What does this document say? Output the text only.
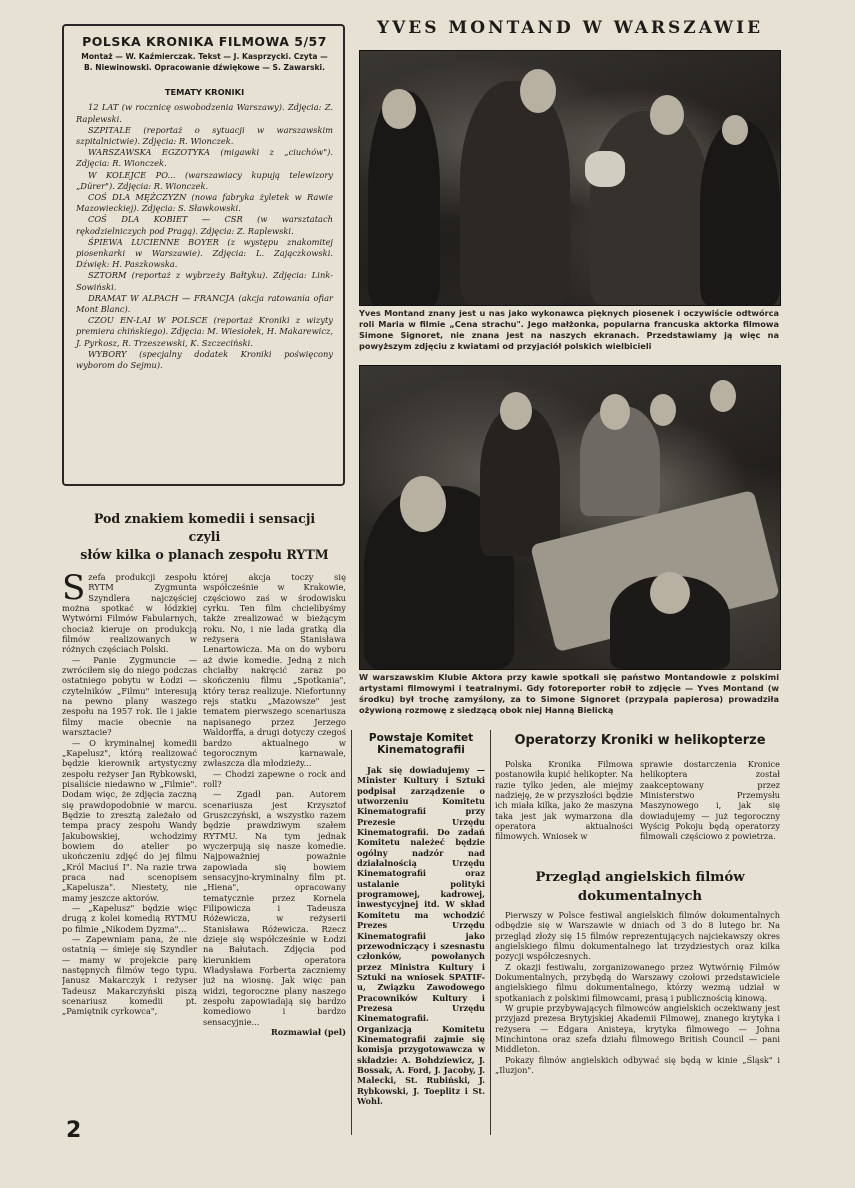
POLSKA KRONIKA FILMOWA 5/57
Montaż — W. Kaźmierczak. Tekst — J. Kasprzycki. Czyta — B. Niewinowski. Opracowanie dźwiękowe — S. Zawarski.
TEMATY KRONIKI

12 LAT (w rocznicę oswobodzenia Warszawy). Zdjęcia: Z. Raplewski.

SZPITALE (reportaż o sytuacji w warszawskim szpitalnictwie). Zdjęcia: R. Wionczek.

WARSZAWSKA EGZOTYKA (migawki z „ciuchów"). Zdjęcia: R. Wionczek.

W KOLEJCE PO... (warszawiacy kupują telewizory „Dürer"). Zdjęcia: R. Wionczek.

COŚ DLA MĘŻCZYZN (nowa fabryka żyletek w Rawie Mazowieckiej). Zdjęcia: S. Sławkowski.

COŚ DLA KOBIET — CSR (w warsztatach rękodzielniczych pod Pragą). Zdjęcia: Z. Raplewski.

ŚPIEWA LUCIENNE BOYER (z występu znakomitej piosenkarki w Warszawie). Zdjęcia: L. Zajączkowski. Dźwięk: H. Paszkowska.

SZTORM (reportaż z wybrzeży Bałtyku). Zdjęcia: Link-Sowiński.

DRAMAT W ALPACH — FRANCJA (akcja ratowania ofiar Mont Blanc).

CZOU EN-LAI W POLSCE (reportaż Kroniki z wizyty premiera chińskiego). Zdjęcia: M. Wiesiołek, H. Makarewicz, J. Pyrkosz, R. Trzeszewski, K. Szczeciński.

WYBORY (specjalny dodatek Kroniki poświęcony wyborom do Sejmu).

YVES MONTAND W WARSZAWIE
Yves Montand znany jest u nas jako wykonawca pięknych piosenek i oczywiście odtwórca roli Maria w filmie „Cena strachu". Jego małżonka, popularna francuska aktorka filmowa Simone Signoret, nie znana jest na naszych ekranach. Przedstawiamy ją więc na powyższym zdjęciu z kwiatami od przyjaciół polskich wielbicieli
W warszawskim Klubie Aktora przy kawie spotkali się państwo Montandowie z polskimi artystami filmowymi i teatralnymi. Gdy fotoreporter robił to zdjęcie — Yves Montand (w środku) był trochę zamyślony, za to Simone Signoret (przypala papierosa) prowadziła ożywioną rozmowę z siedzącą obok niej Hanną Bielicką
Pod znakiem komedii i sensacji
czyli
słów kilka o planach zespołu RYTM
S zefa produkcji zespołu RYTM Zygmunta Szyndlera najczęściej można spotkać w łódzkiej Wytwórni Filmów Fabularnych, chociaż kieruje on produkcją filmów realizowanych w różnych częściach Polski.

— Panie Zygmuncie — zwróciłem się do niego podczas ostatniego pobytu w Łodzi — czytelników „Filmu" interesują na pewno plany waszego zespołu na 1957 rok. Ile i jakie filmy macie obecnie na warsztacie?

— O kryminalnej komedii „Kapelusz", którą realizować będzie kierownik artystyczny zespołu reżyser Jan Rybkowski, pisaliście niedawno w „Filmie". Dodam więc, że zdjęcia zaczną się prawdopodobnie w marcu. Będzie to zresztą zależało od tempa pracy zespołu Wandy Jakubowskiej, wchodzimy bowiem do atelier po ukończeniu zdjęć do jej filmu „Król Maciuś I". Na razie trwa praca nad scenopisem „Kapelusza". Niestety, nie mamy jeszcze aktorów.

— „Kapelusz" będzie więc drugą z kolei komedią RYTMU po filmie „Nikodem Dyzma"...

— Zapewniam pana, że nie ostatnią — śmieje się Szyndler — mamy w projekcie parę następnych filmów tego typu. Janusz Makarczyk i reżyser Tadeusz Makarczyński piszą scenariusz komedii pt. „Pamiętnik cyrkowca",

której akcja toczy się współcześnie w Krakowie, częściowo zaś w środowisku cyrku. Ten film chcielibyśmy także zrealizować w bieżącym roku. No, i nie lada gratką dla reżysera Stanisława Lenartowicza. Ma on do wyboru aż dwie komedie. Jedną z nich chciałby nakręcić zaraz po skończeniu filmu „Spotkania", który teraz realizuje. Niefortunny rejs statku „Mazowsze" jest tematem pierwszego scenariusza napisanego przez Jerzego Waldorffa, a drugi dotyczy czegoś bardzo aktualnego w tegorocznym karnawale, zwłaszcza dla młodzieży...

— Chodzi zapewne o rock and roll?

— Zgadł pan. Autorem scenariusza jest Krzysztof Gruszczyński, a wszystko razem będzie prawdziwym szałem RYTMU. Na tym jednak wyczerpują się nasze komedie. Najpoważniej poważnie zapowiada się bowiem sensacyjno-kryminalny film pt. „Hiena", opracowany tematycznie przez Kornela Filipowicza i Tadeusza Różewicza, w reżyserii Stanisława Różewicza. Rzecz dzieje się współcześnie w Łodzi na Bałutach. Zdjęcia pod kierunkiem operatora Władysława Forberta zaczniemy już na wiosnę. Jak więc pan widzi, tegoroczne plany naszego zespołu zapowiadają się bardzo komediowo i bardzo sensacyjnie...

Rozmawiał (pel)

Powstaje Komitet Kinematografii

Jak się dowiadujemy — Minister Kultury i Sztuki podpisał zarządzenie o utworzeniu Komitetu Kinematografii przy Prezesie Urzędu Kinematografii. Do zadań Komitetu należeć będzie ogólny nadzór nad działalnością Urzędu Kinematografii oraz ustalanie polityki programowej, kadrowej, inwestycyjnej itd. W skład Komitetu ma wchodzić Prezes Urzędu Kinematografii jako przewodniczący i szesnastu członków, powołanych przez Ministra Kultury i Sztuki na wniosek SPATIF-u, Związku Zawodowego Pracowników Kultury i Prezesa Urzędu Kinematografii. Organizacją Komitetu Kinematografii zajmie się komisja przygotowawcza w składzie: A. Bohdziewicz, J. Bossak, A. Ford, J. Jacoby, J. Malecki, St. Rubiński, J. Rybkowski, J. Toeplitz i St. Wohl.

Operatorzy Kroniki w helikopterze

Polska Kronika Filmowa postanowiła kupić helikopter. Na razie tylko jeden, ale miejmy nadzieję, że w przyszłości będzie ich miała kilka, jako że maszyna taka jest jak wymarzona dla operatora aktualności filmowych. Wniosek w

sprawie dostarczenia Kronice helikoptera został zaakceptowany przez Ministerstwo Przemysłu Maszynowego i, jak się dowiadujemy — już tegoroczny Wyścig Pokoju będą operatorzy filmowali częściowo z powietrza.

Przegląd angielskich filmów
dokumentalnych

Pierwszy w Polsce festiwal angielskich filmów dokumentalnych odbędzie się w Warszawie w dniach od 3 do 8 lutego br. Na przegląd złoży się 15 filmów reprezentujących najciekawszy okres angielskiego filmu dokumentalnego lat trzydziestych oraz kilka pozycji współczesnych.

Z okazji festiwalu, zorganizowanego przez Wytwórnię Filmów Dokumentalnych, przybędą do Warszawy czołowi przedstawiciele angielskiego filmu dokumentalnego, którzy wezmą udział w spotkaniach z polskimi filmowcami, prasą i publicznością kinową.

W grupie przybywających filmowców angielskich oczekiwany jest przyjazd prezesa Brytyjskiej Akademii Filmowej, znanego krytyka i reżysera — Edgara Anisteya, krytyka filmowego — Johna Minchintona oraz szefa działu filmowego British Council — pani Middleton.

Pokazy filmów angielskich odbywać się będą w kinie „Śląsk" i „Iluzjon".

2
